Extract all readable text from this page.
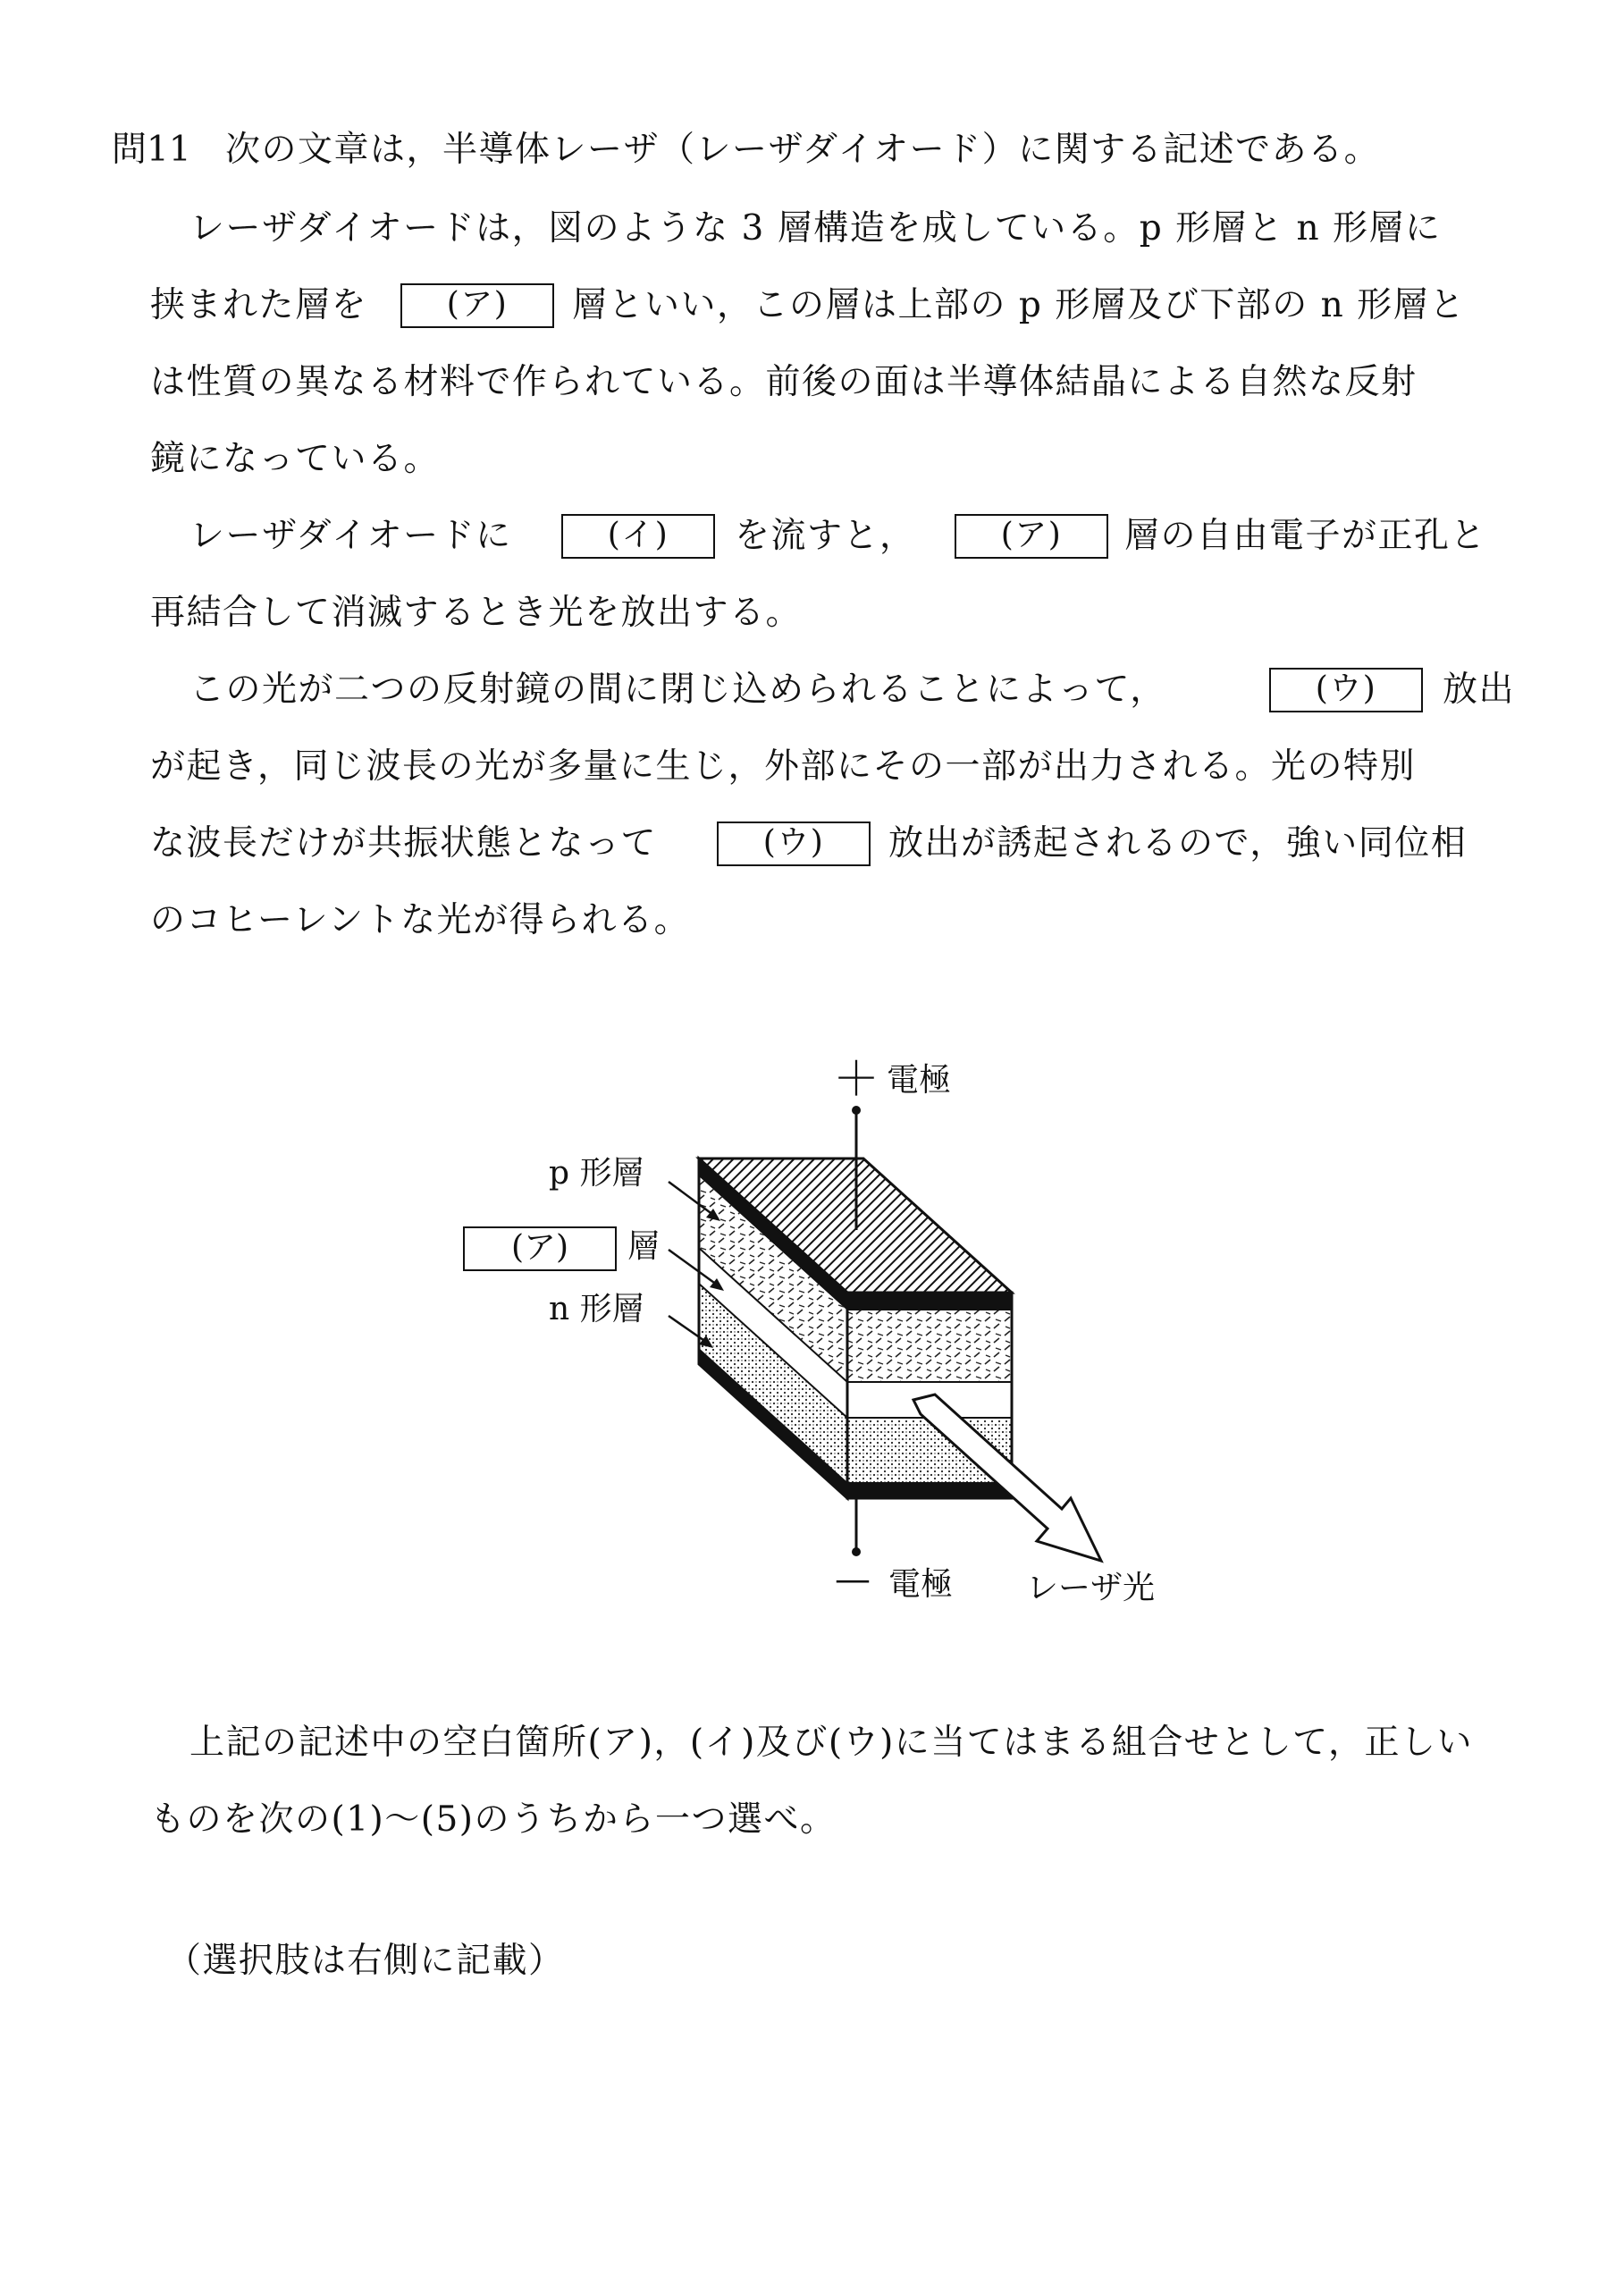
問11 次の文章は，半導体レーザ（レーザダイオード）に関する記述である。
レーザダイオードは，図のような 3 層構造を成している。p 形層と n 形層に
挟まれた層を	(ア)	層といい，この層は上部の p 形層及び下部の n 形層と
は性質の異なる材料で作られている。前後の面は半導体結晶による自然な反射
鏡になっている。
レーザダイオードに	(イ)	を流すと，	(ア)	層の自由電子が正孔と
再結合して消滅するとき光を放出する。
この光が二つの反射鏡の間に閉じ込められることによって，	(ウ)	放出
が起き，同じ波長の光が多量に生じ，外部にその一部が出力される。光の特別
な波長だけが共振状態となって	(ウ)	放出が誘起されるので，強い同位相
のコヒーレントな光が得られる。
＋ 電極
p 形層
(ア)	層
n 形層
— 電極 レーザ光
上記の記述中の空白箇所(ア)，(イ)及び(ウ)に当てはまる組合せとして，正しい
ものを次の(1)〜(5)のうちから一つ選べ。
（選択肢は右側に記載）
